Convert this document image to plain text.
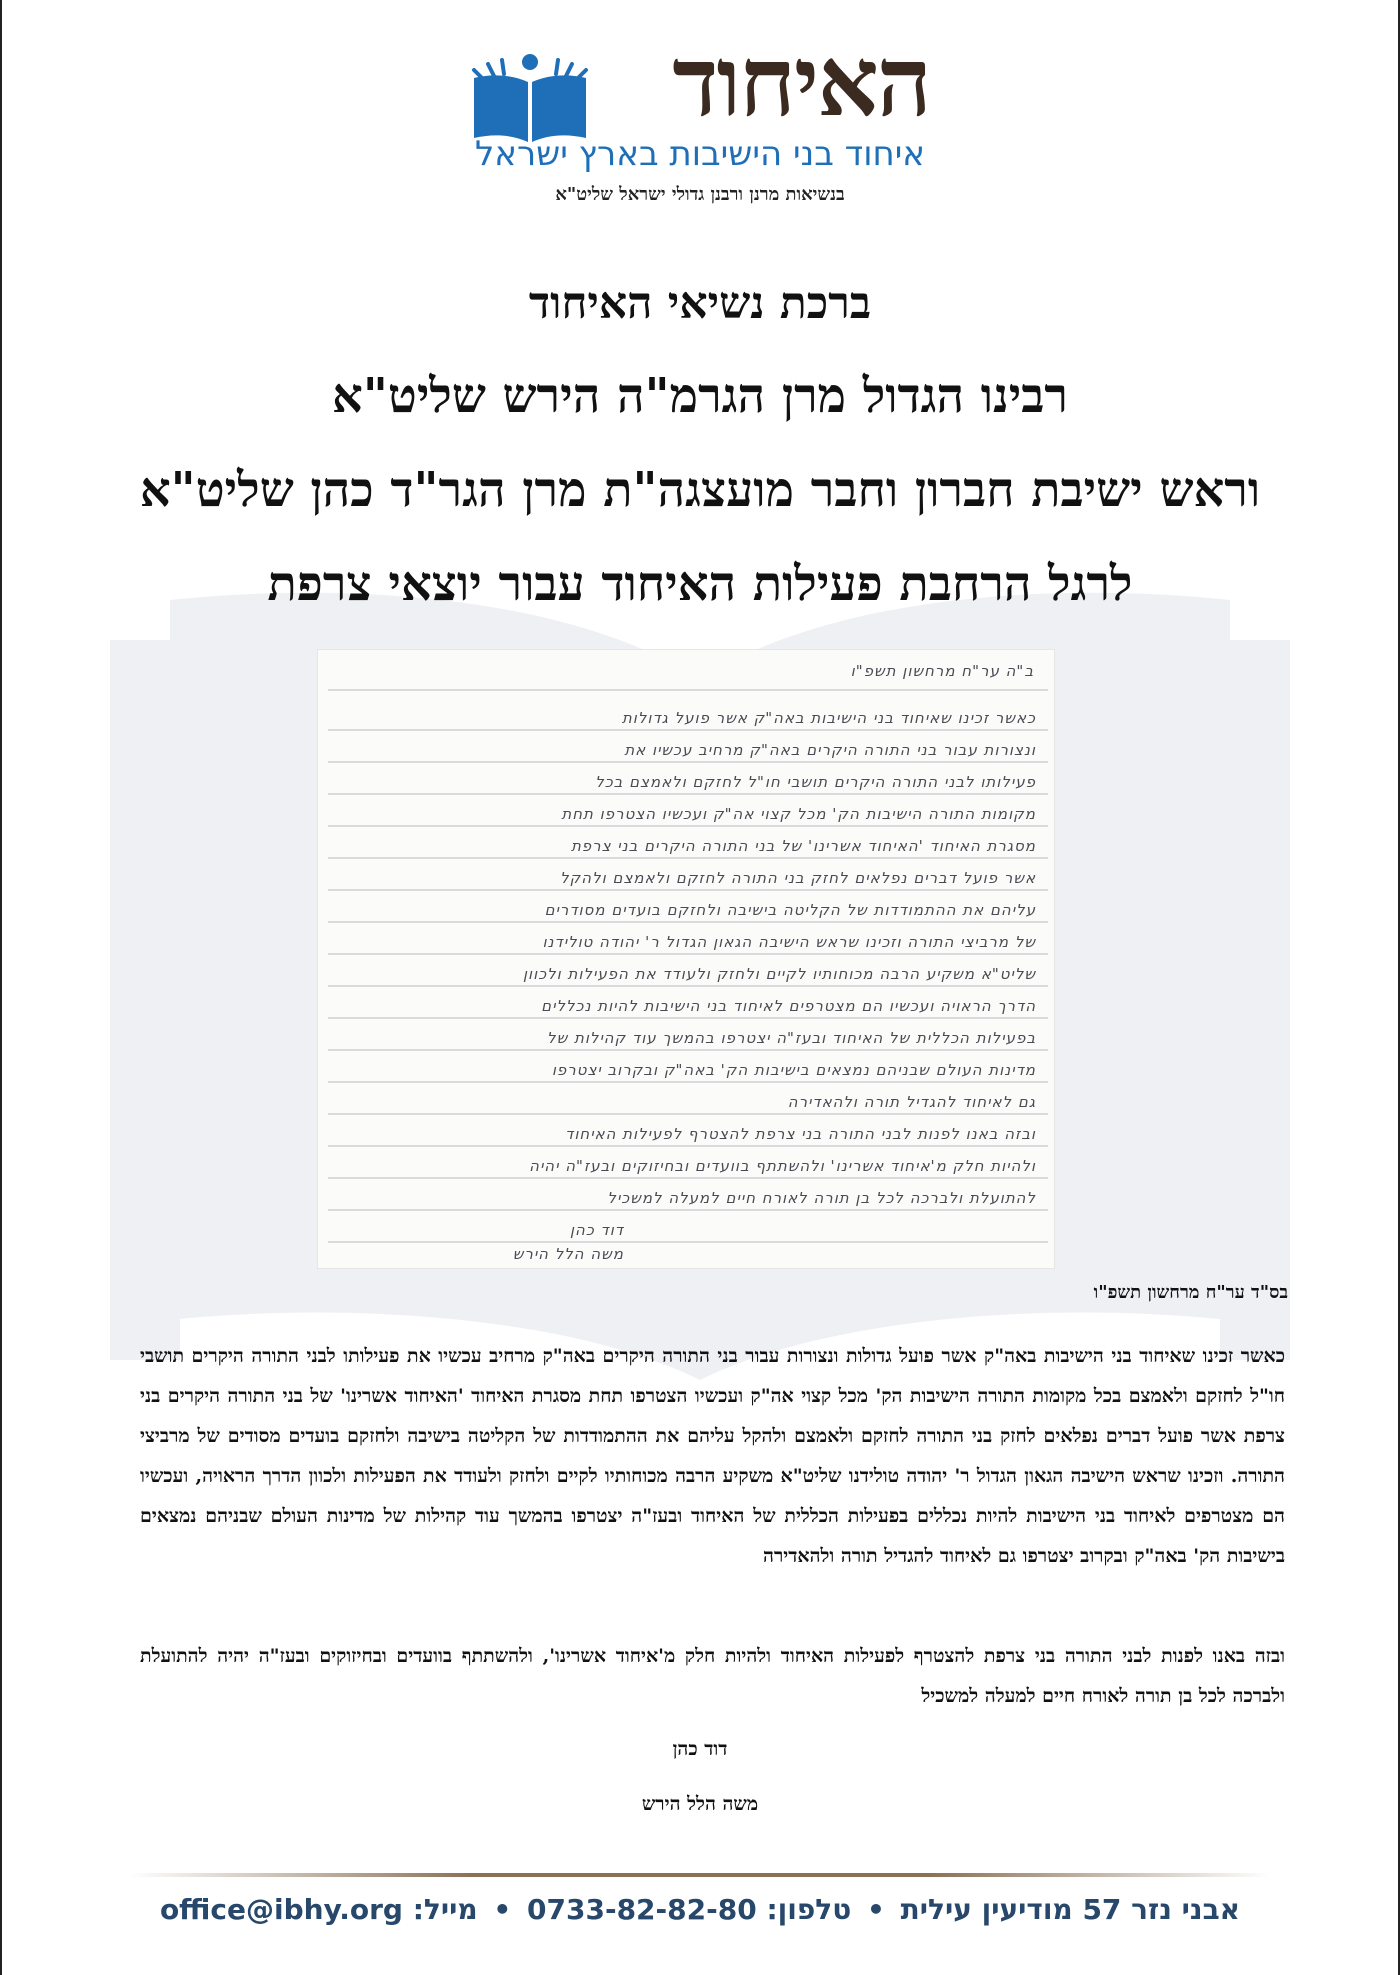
האיחוד
איחוד בני הישיבות בארץ ישראל
בנשיאות מרנן ורבנן גדולי ישראל שליט"א
ברכת נשיאי האיחוד
רבינו הגדול מרן הגרמ"ה הירש שליט"א
וראש ישיבת חברון וחבר מועצגה"ת מרן הגר"ד כהן שליט"א
לרגל הרחבת פעילות האיחוד עבור יוצאי צרפת
ב"ה ער"ח מרחשון תשפ"ו
כאשר זכינו שאיחוד בני הישיבות באה"ק אשר פועל גדולות
ונצורות עבור בני התורה היקרים באה"ק מרחיב עכשיו את
פעילותו לבני התורה היקרים תושבי חו"ל לחזקם ולאמצם בכל
מקומות התורה הישיבות הק' מכל קצוי אה"ק ועכשיו הצטרפו תחת
מסגרת האיחוד 'האיחוד אשרינו' של בני התורה היקרים בני צרפת
אשר פועל דברים נפלאים לחזק בני התורה לחזקם ולאמצם ולהקל
עליהם את ההתמודדות של הקליטה בישיבה ולחזקם בועדים מסודרים
של מרביצי התורה וזכינו שראש הישיבה הגאון הגדול ר' יהודה טולידנו
שליט"א משקיע הרבה מכוחותיו לקיים ולחזק ולעודד את הפעילות ולכוון
הדרך הראויה ועכשיו הם מצטרפים לאיחוד בני הישיבות להיות נכללים
בפעילות הכללית של האיחוד ובעז"ה יצטרפו בהמשך עוד קהילות של
מדינות העולם שבניהם נמצאים בישיבות הק' באה"ק ובקרוב יצטרפו
גם לאיחוד להגדיל תורה ולהאדירה
ובזה באנו לפנות לבני התורה בני צרפת להצטרף לפעילות האיחוד
ולהיות חלק מ'איחוד אשרינו' ולהשתתף בוועדים ובחיזוקים ובעז"ה יהיה
להתועלת ולברכה לכל בן תורה לאורח חיים למעלה למשכיל
דוד כהן
משה הלל הירש
בס"ד ער"ח מרחשון תשפ"ו
כאשר זכינו שאיחוד בני הישיבות באה"ק אשר פועל גדולות ונצורות עבור בני התורה היקרים באה"ק מרחיב עכשיו את פעילותו לבני התורה היקרים תושבי חו"ל לחזקם ולאמצם בכל מקומות התורה הישיבות הק' מכל קצוי אה"ק ועכשיו הצטרפו תחת מסגרת האיחוד 'האיחוד אשרינו' של בני התורה היקרים בני צרפת אשר פועל דברים נפלאים לחזק בני התורה לחזקם ולאמצם ולהקל עליהם את ההתמודדות של הקליטה בישיבה ולחזקם בועדים מסודים של מרביצי התורה. וזכינו שראש הישיבה הגאון הגדול ר' יהודה טולידנו שליט"א משקיע הרבה מכוחותיו לקיים ולחזק ולעודד את הפעילות ולכוון הדרך הראויה, ועכשיו הם מצטרפים לאיחוד בני הישיבות להיות נכללים בפעילות הכללית של האיחוד ובעז"ה יצטרפו בהמשך עוד קהילות של מדינות העולם שבניהם נמצאים בישיבות הק' באה"ק ובקרוב יצטרפו גם לאיחוד להגדיל תורה ולהאדירה
ובזה באנו לפנות לבני התורה בני צרפת להצטרף לפעילות האיחוד ולהיות חלק מ'איחוד אשרינו', ולהשתתף בוועדים ובחיזוקים ובעז"ה יהיה להתועלת ולברכה לכל בן תורה לאורח חיים למעלה למשכיל
דוד כהן
משה הלל הירש
אבני נזר 57 מודיעין עילית • טלפון: 0733-82-82-80 • מייל: office@ibhy.org
